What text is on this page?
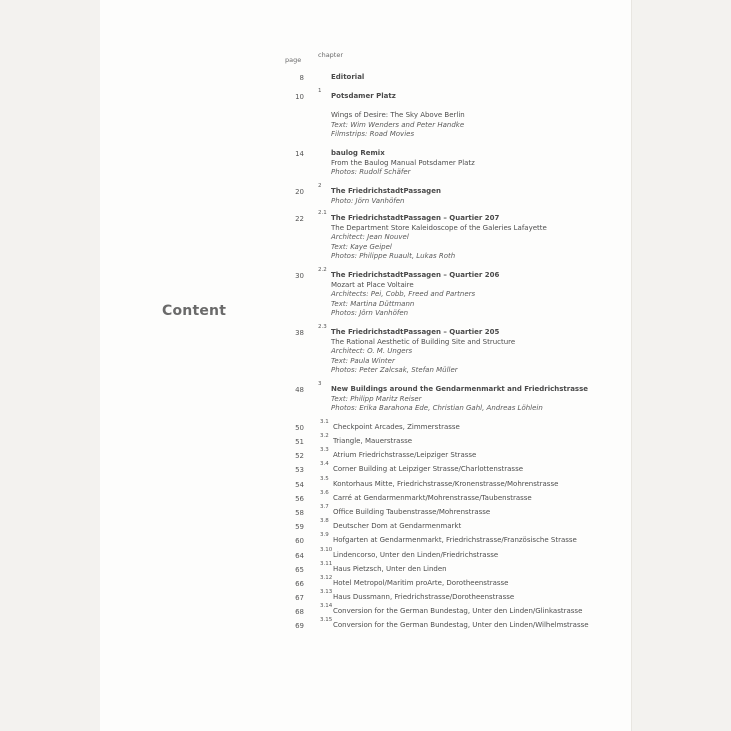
Content
page
chapter
8	Editorial
10
1
Potsdamer Platz
Wings of Desire: The Sky Above Berlin
Text: Wim Wenders and Peter Handke
Filmstrips: Road Movies
14	baulog Remix
From the Baulog Manual Potsdamer Platz
Photos: Rudolf Schäfer
20
2
The FriedrichstadtPassagen
Photo: Jörn Vanhöfen
22
2.1
The FriedrichstadtPassagen – Quartier 207
The Department Store Kaleidoscope of the Galeries Lafayette
Architect: Jean Nouvel
Text: Kaye Geipel
Photos: Philippe Ruault, Lukas Roth
30
2.2
The FriedrichstadtPassagen – Quartier 206
Mozart at Place Voltaire
Architects: Pei, Cobb, Freed and Partners
Text: Martina Düttmann
Photos: Jörn Vanhöfen
38
2.3
The FriedrichstadtPassagen – Quartier 205
The Rational Aesthetic of Building Site and Structure
Architect: O. M. Ungers
Text: Paula Winter
Photos: Peter Zalcsak, Stefan Müller
48
3
New Buildings around the Gendarmenmarkt and Friedrichstrasse
Text: Philipp Maritz Reiser
Photos: Erika Barahona Ede, Christian Gahl, Andreas Löhlein
50
3.1
Checkpoint Arcades, Zimmerstrasse
51
3.2
Triangle, Mauerstrasse
52
3.3
Atrium Friedrichstrasse/Leipziger Strasse
53
3.4
Corner Building at Leipziger Strasse/Charlottenstrasse
54
3.5
Kontorhaus Mitte, Friedrichstrasse/Kronenstrasse/Mohrenstrasse
56
3.6
Carré at Gendarmenmarkt/Mohrenstrasse/Taubenstrasse
58
3.7
Office Building Taubenstrasse/Mohrenstrasse
59
3.8
Deutscher Dom at Gendarmenmarkt
60
3.9
Hofgarten at Gendarmenmarkt, Friedrichstrasse/Französische Strasse
64
3.10
Lindencorso, Unter den Linden/Friedrichstrasse
65
3.11
Haus Pietzsch, Unter den Linden
66
3.12
Hotel Metropol/Maritim proArte, Dorotheenstrasse
67
3.13
Haus Dussmann, Friedrichstrasse/Dorotheenstrasse
68
3.14
Conversion for the German Bundestag, Unter den Linden/Glinkastrasse
69
3.15
Conversion for the German Bundestag, Unter den Linden/Wilhelmstrasse
